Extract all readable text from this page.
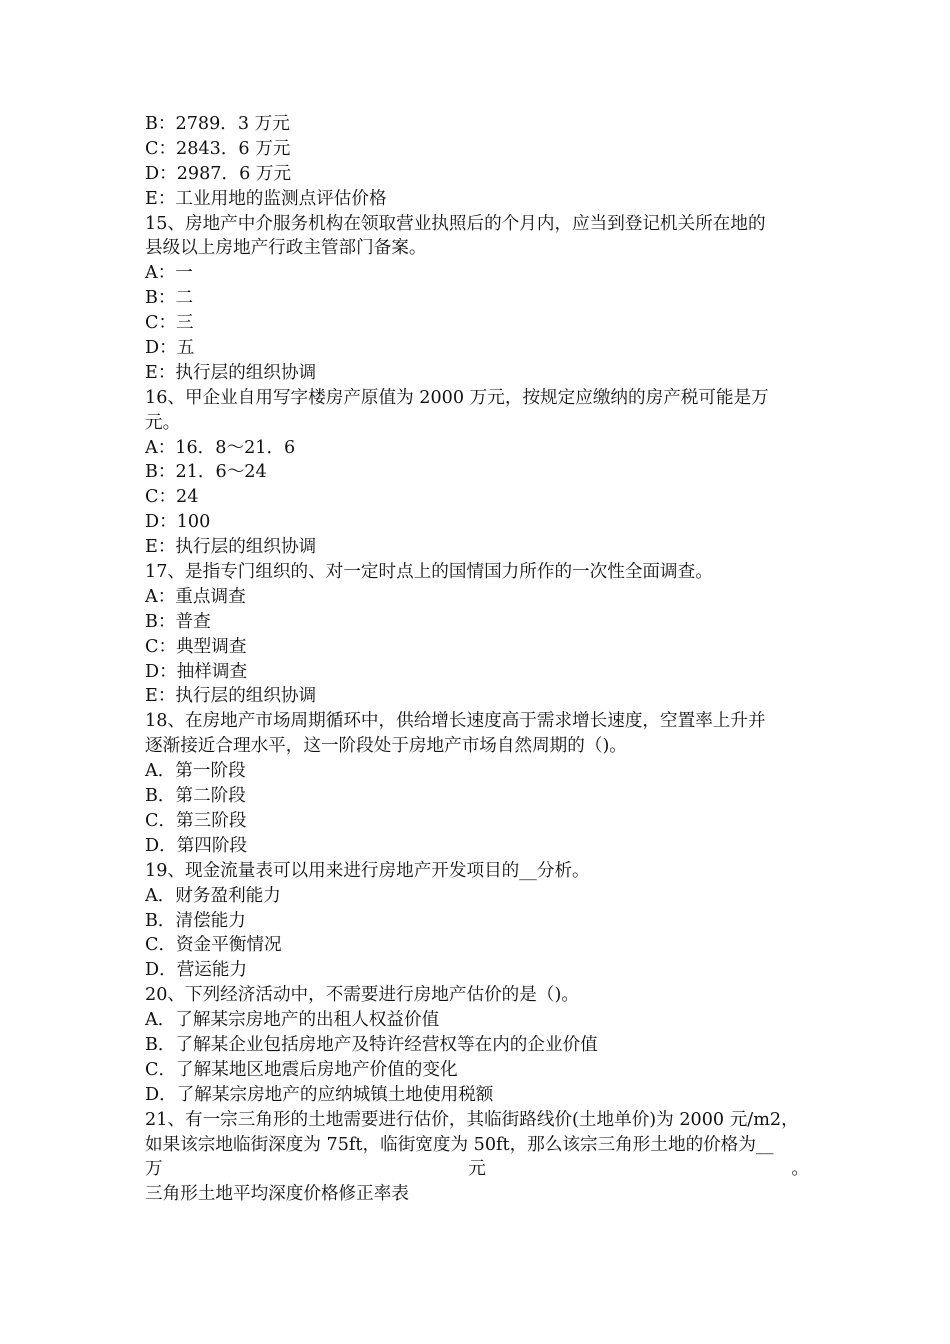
B：2789．3 万元
C：2843．6 万元
D：2987．6 万元
E：工业用地的监测点评估价格
15、房地产中介服务机构在领取营业执照后的个月内，应当到登记机关所在地的
县级以上房地产行政主管部门备案。
A：一
B：二
C：三
D：五
E：执行层的组织协调
16、甲企业自用写字楼房产原值为 2000 万元，按规定应缴纳的房产税可能是万
元。
A：16．8～21．6
B：21．6～24
C：24
D：100
E：执行层的组织协调
17、是指专门组织的、对一定时点上的国情国力所作的一次性全面调查。
A：重点调查
B：普查
C：典型调查
D：抽样调查
E：执行层的组织协调
18、在房地产市场周期循环中，供给增长速度高于需求增长速度，空置率上升并
逐渐接近合理水平，这一阶段处于房地产市场自然周期的（)。
A．第一阶段
B．第二阶段
C．第三阶段
D．第四阶段
19、现金流量表可以用来进行房地产开发项目的__分析。
A．财务盈利能力
B．清偿能力
C．资金平衡情况
D．营运能力
20、下列经济活动中，不需要进行房地产估价的是（)。
A．了解某宗房地产的出租人权益价值
B．了解某企业包括房地产及特许经营权等在内的企业价值
C．了解某地区地震后房地产价值的变化
D．了解某宗房地产的应纳城镇土地使用税额
21、有一宗三角形的土地需要进行估价，其临街路线价(土地单价)为 2000 元/m2，
如果该宗地临街深度为 75ft，临街宽度为 50ft，那么该宗三角形土地的价格为__
万	元	。
三角形土地平均深度价格修正率表
